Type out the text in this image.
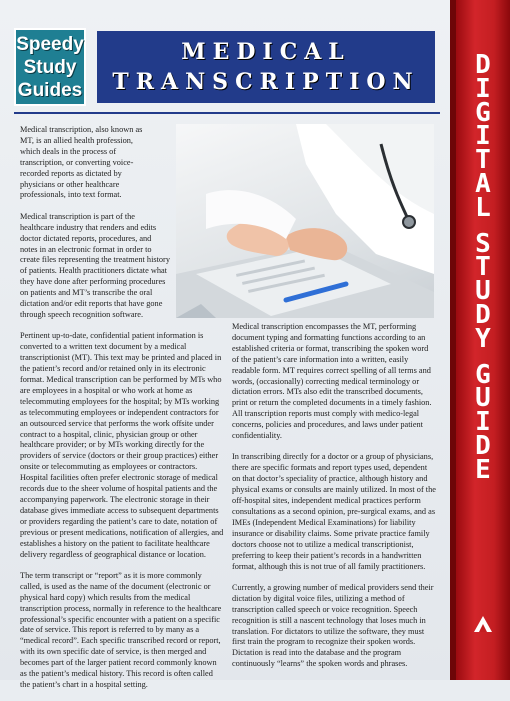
Speedy
Study
Guides
MEDICAL
TRANSCRIPTION

Medical transcription, also known as MT, is an allied health profession, which deals in the process of transcription, or converting voice-recorded reports as dictated by physicians or other healthcare professionals, into text format.

Medical transcription is part of the healthcare industry that renders and edits doctor dictated reports, procedures, and notes in an electronic format in order to create files representing the treatment history of patients. Health practitioners dictate what they have done after performing procedures on patients and MT’s transcribe the oral dictation and/or edit reports that have gone through speech recognition software.

Pertinent up-to-date, confidential patient information is converted to a written text document by a medical transcriptionist (MT). This text may be printed and placed in the patient’s record and/or retained only in its electronic format. Medical transcription can be performed by MTs who are employees in a hospital or who work at home as telecommuting employees for the hospital; by MTs working as telecommuting employees or independent contractors for an outsourced service that performs the work offsite under contract to a hospital, clinic, physician group or other healthcare provider; or by MTs working directly for the providers of service (doctors or their group practices) either onsite or telecommuting as employees or contractors. Hospital facilities often prefer electronic storage of medical records due to the sheer volume of hospital patients and the accompanying paperwork. The electronic storage in their database gives immediate access to subsequent departments or providers regarding the patient’s care to date, notation of previous or present medications, notification of allergies, and establishes a history on the patient to facilitate healthcare delivery regardless of geographical distance or location.

The term transcript or “report” as it is more commonly called, is used as the name of the document (electronic or physical hard copy) which results from the medical transcription process, normally in reference to the healthcare professional’s specific encounter with a patient on a specific date of service. This report is referred to by many as a “medical record”. Each specific transcribed record or report, with its own specific date of service, is then merged and becomes part of the larger patient record commonly known as the patient’s medical history. This record is often called the patient’s chart in a hospital setting.

Medical transcription encompasses the MT, performing document typing and formatting functions according to an established criteria or format, transcribing the spoken word of the patient’s care information into a written, easily readable form. MT requires correct spelling of all terms and words, (occasionally) correcting medical terminology or dictation errors. MTs also edit the transcribed documents, print or return the completed documents in a timely fashion. All transcription reports must comply with medico-legal concerns, policies and procedures, and laws under patient confidentiality.

In transcribing directly for a doctor or a group of physicians, there are specific formats and report types used, dependent on that doctor’s speciality of practice, although history and physical exams or consults are mainly utilized. In most of the off-hospital sites, independent medical practices perform consultations as a second opinion, pre-surgical exams, and as IMEs (Independent Medical Examinations) for liability insurance or disability claims. Some private practice family doctors choose not to utilize a medical transcriptionist, preferring to keep their patient’s records in a handwritten format, although this is not true of all family practitioners.

Currently, a growing number of medical providers send their dictation by digital voice files, utilizing a method of transcription called speech or voice recognition. Speech recognition is still a nascent technology that loses much in translation. For dictators to utilize the software, they must first train the program to recognize their spoken words. Dictation is read into the database and the program continuously “learns” the spoken words and phrases.

D
I
G
I
T
A
L
S
T
U
D
Y
G
U
I
D
E
